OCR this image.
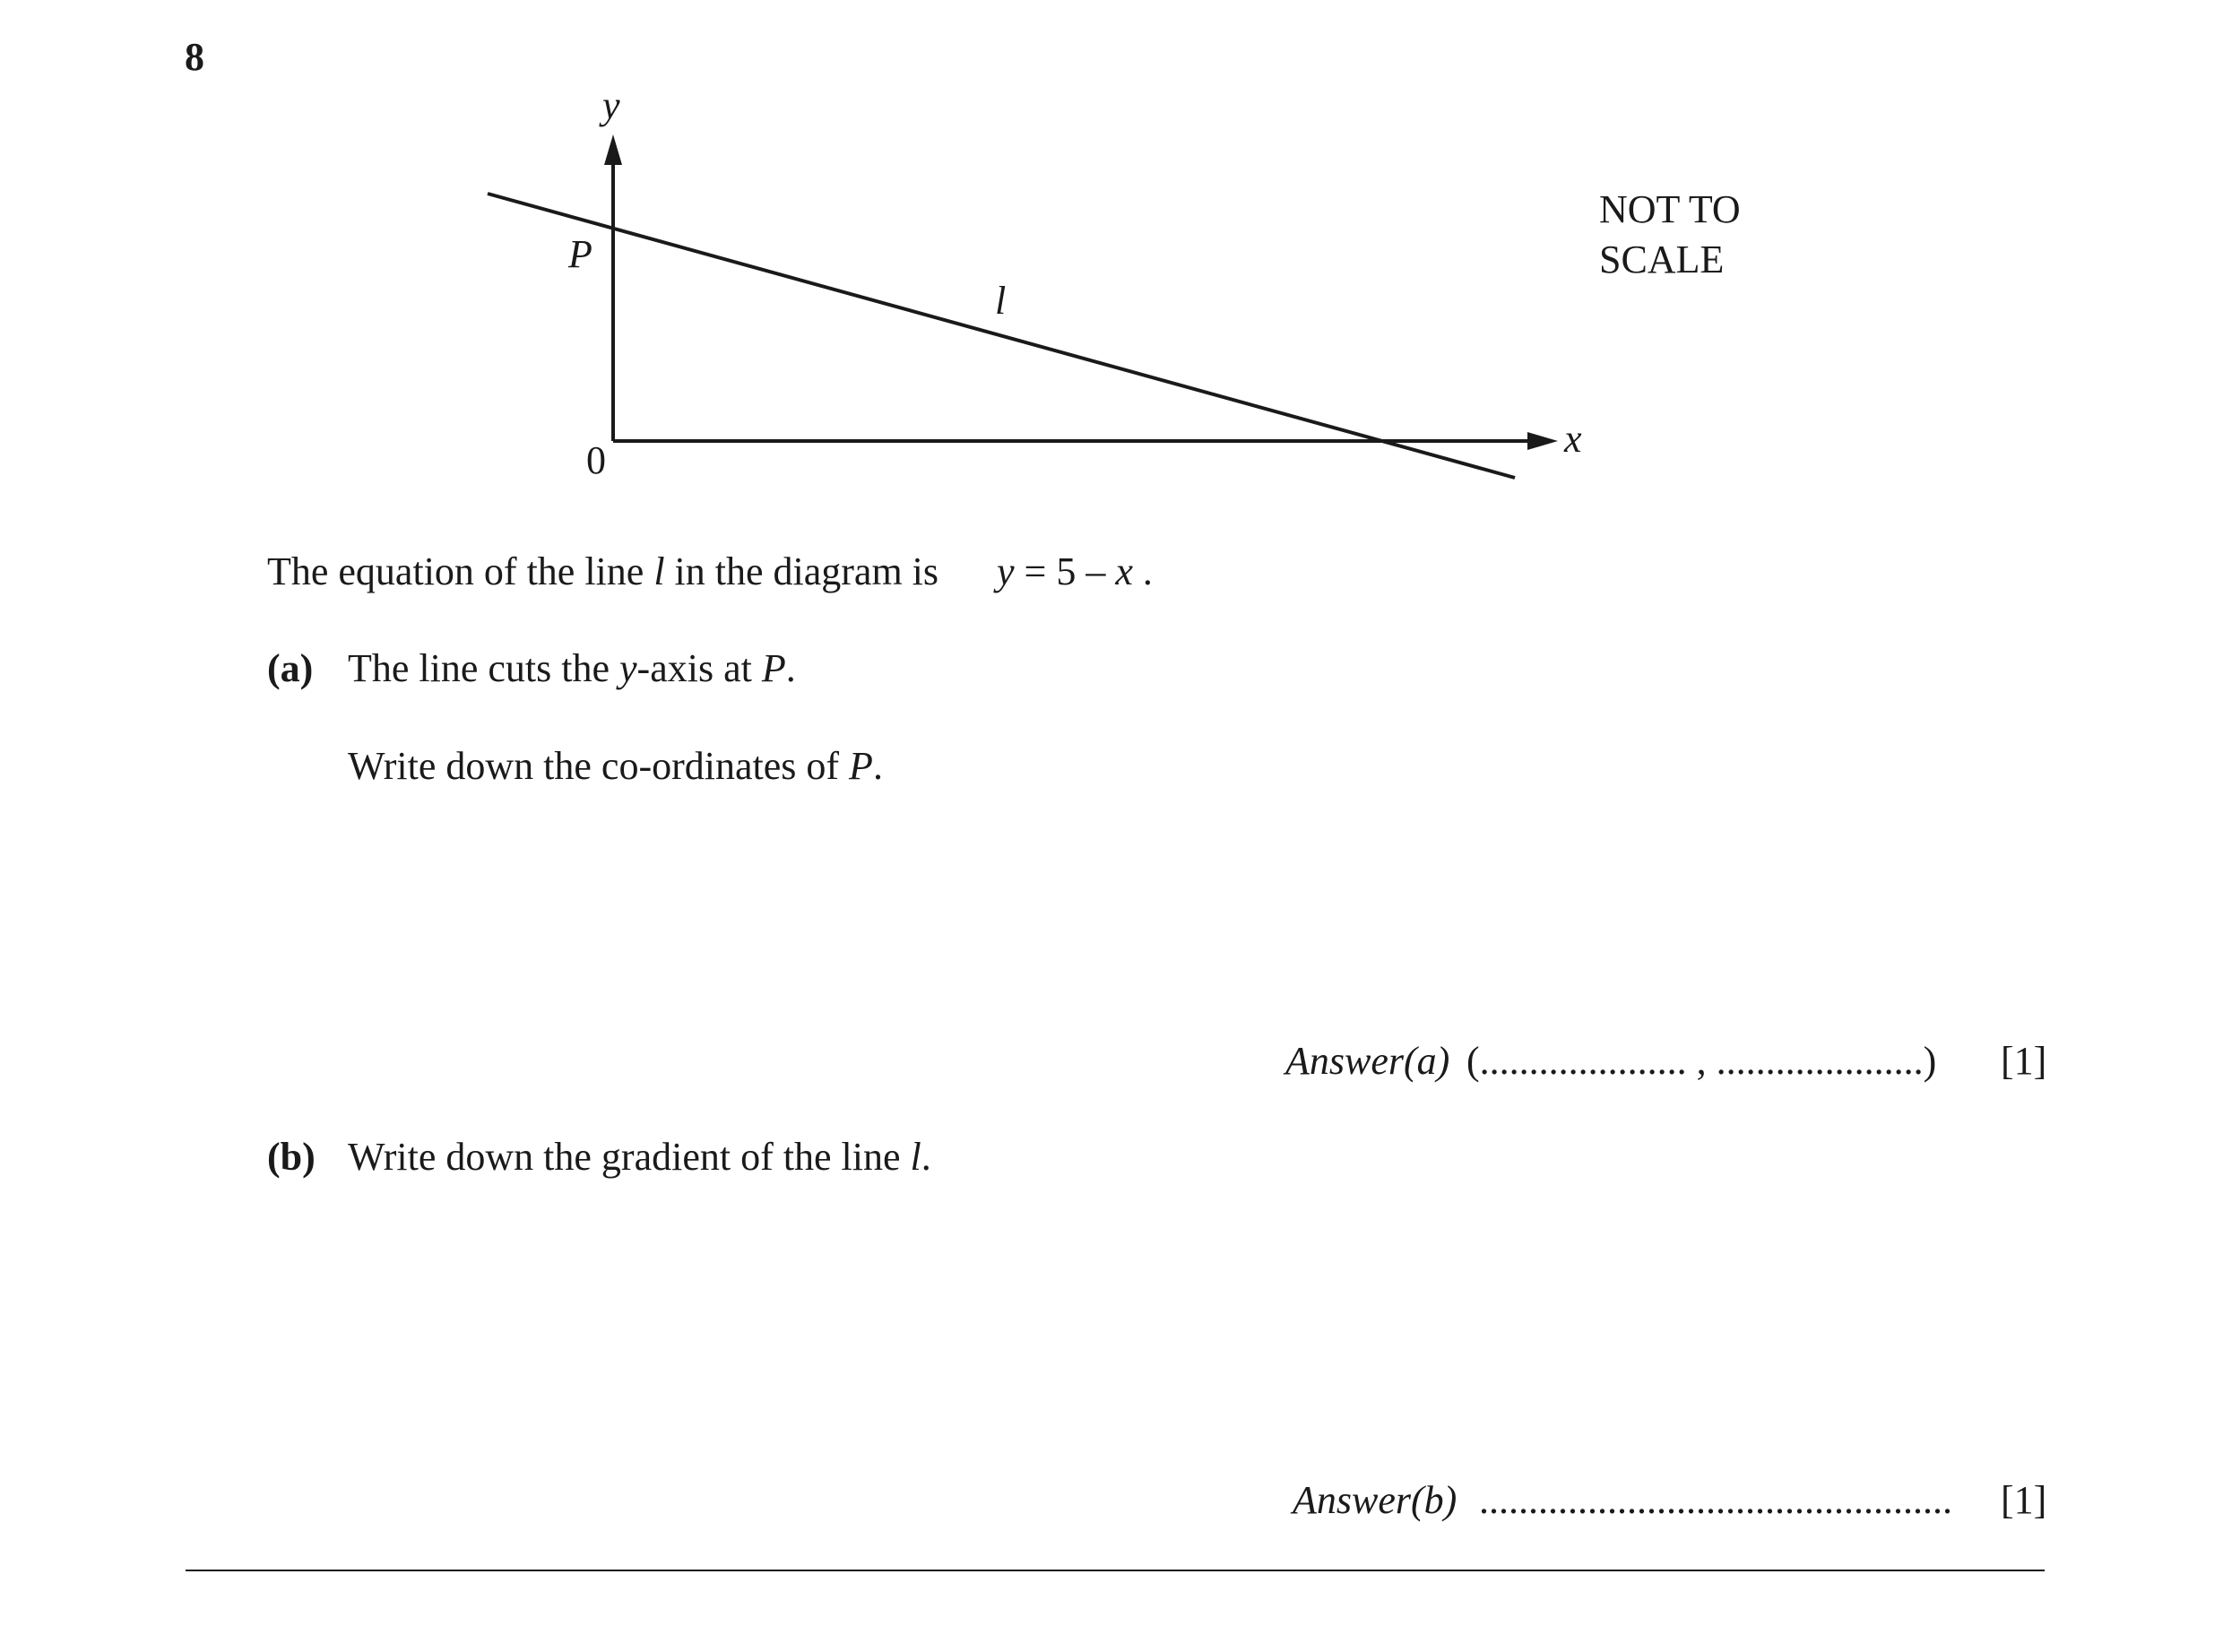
8
y
x
0
P
l
NOT TO
SCALE
The equation of the line l in the diagram is y = 5 – x .
(a) The line cuts the y-axis at P.
Write down the co-ordinates of P.
Answer(a) (..................... , .....................) [1]
(b) Write down the gradient of the line l.
Answer(b) ................................................ [1]
